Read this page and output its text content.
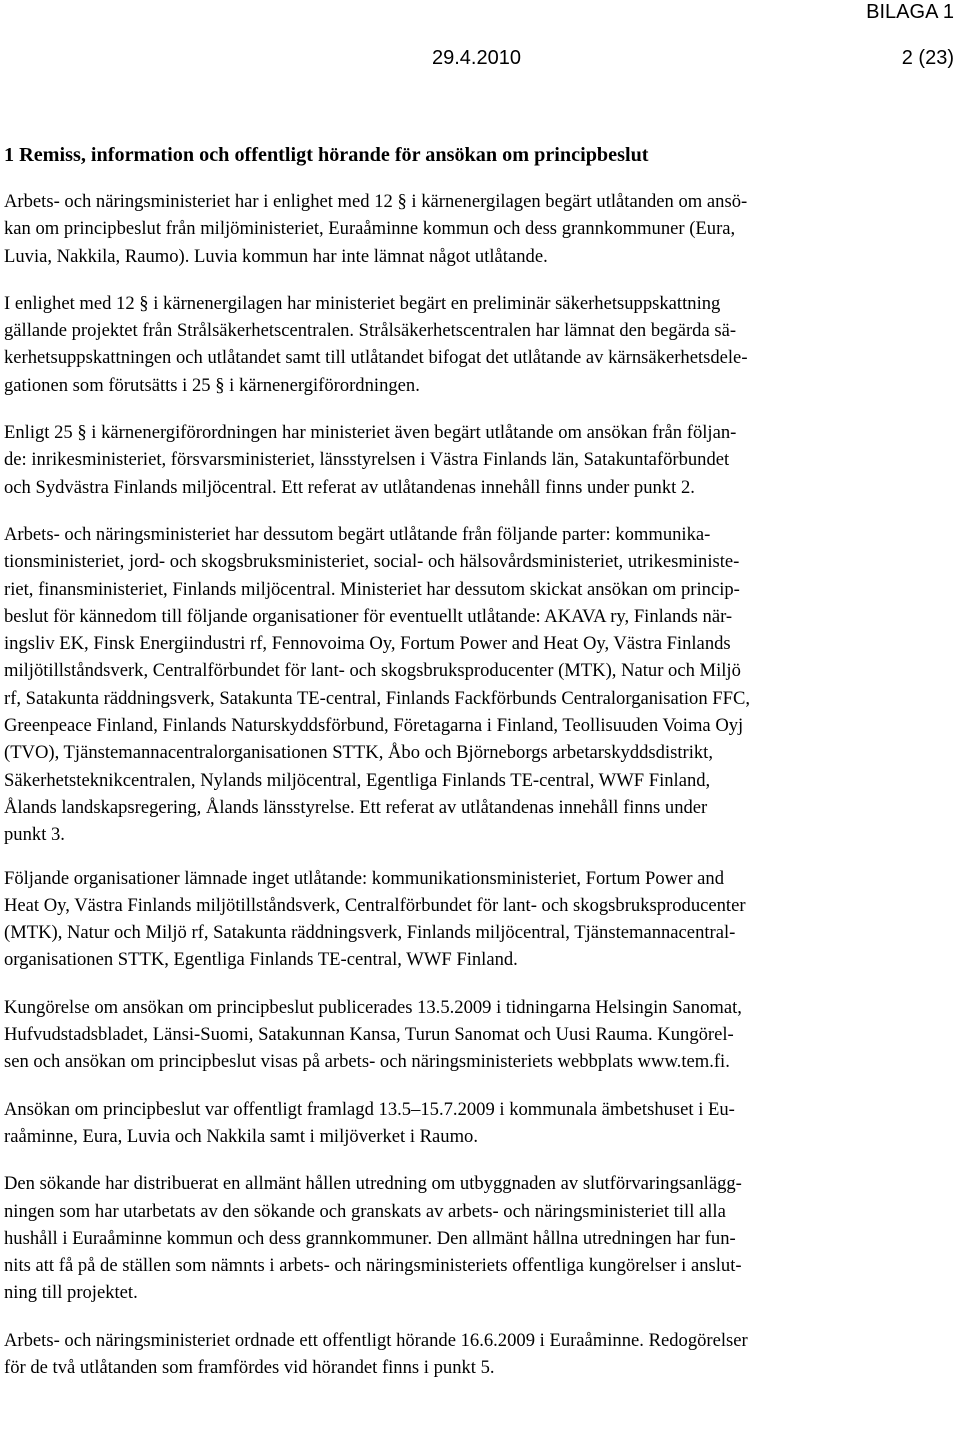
BILAGA 1
29.4.2010	2 (23)
1 Remiss, information och offentligt hörande för ansökan om principbeslut
Arbets- och näringsministeriet har i enlighet med 12 § i kärnenergilagen begärt utlåtanden om ansö-
kan om principbeslut från miljöministeriet, Euraåminne kommun och dess grannkommuner (Eura,
Luvia, Nakkila, Raumo). Luvia kommun har inte lämnat något utlåtande.
I enlighet med 12 § i kärnenergilagen har ministeriet begärt en preliminär säkerhetsuppskattning
gällande projektet från Strålsäkerhetscentralen. Strålsäkerhetscentralen har lämnat den begärda sä-
kerhetsuppskattningen och utlåtandet samt till utlåtandet bifogat det utlåtande av kärnsäkerhetsdele-
gationen som förutsätts i 25 § i kärnenergiförordningen.
Enligt 25 § i kärnenergiförordningen har ministeriet även begärt utlåtande om ansökan från följan-
de: inrikesministeriet, försvarsministeriet, länsstyrelsen i Västra Finlands län, Satakuntaförbundet
och Sydvästra Finlands miljöcentral. Ett referat av utlåtandenas innehåll finns under punkt 2.
Arbets- och näringsministeriet har dessutom begärt utlåtande från följande parter: kommunika-
tionsministeriet, jord- och skogsbruksministeriet, social- och hälsovårdsministeriet, utrikesministe-
riet, finansministeriet, Finlands miljöcentral. Ministeriet har dessutom skickat ansökan om princip-
beslut för kännedom till följande organisationer för eventuellt utlåtande: AKAVA ry, Finlands när-
ingsliv EK, Finsk Energiindustri rf, Fennovoima Oy, Fortum Power and Heat Oy, Västra Finlands
miljötillståndsverk, Centralförbundet för lant- och skogsbruksproducenter (MTK), Natur och Miljö
rf, Satakunta räddningsverk, Satakunta TE-central, Finlands Fackförbunds Centralorganisation FFC,
Greenpeace Finland, Finlands Naturskyddsförbund, Företagarna i Finland, Teollisuuden Voima Oyj
(TVO), Tjänstemannacentralorganisationen STTK, Åbo och Björneborgs arbetarskyddsdistrikt,
Säkerhetsteknikcentralen, Nylands miljöcentral, Egentliga Finlands TE-central, WWF Finland,
Ålands landskapsregering, Ålands länsstyrelse. Ett referat av utlåtandenas innehåll finns under
punkt 3.
Följande organisationer lämnade inget utlåtande: kommunikationsministeriet, Fortum Power and
Heat Oy, Västra Finlands miljötillståndsverk, Centralförbundet för lant- och skogsbruksproducenter
(MTK), Natur och Miljö rf, Satakunta räddningsverk, Finlands miljöcentral, Tjänstemannacentral-
organisationen STTK, Egentliga Finlands TE-central, WWF Finland.
Kungörelse om ansökan om principbeslut publicerades 13.5.2009 i tidningarna Helsingin Sanomat,
Hufvudstadsbladet, Länsi-Suomi, Satakunnan Kansa, Turun Sanomat och Uusi Rauma. Kungörel-
sen och ansökan om principbeslut visas på arbets- och näringsministeriets webbplats www.tem.fi.
Ansökan om principbeslut var offentligt framlagd 13.5–15.7.2009 i kommunala ämbetshuset i Eu-
raåminne, Eura, Luvia och Nakkila samt i miljöverket i Raumo.
Den sökande har distribuerat en allmänt hållen utredning om utbyggnaden av slutförvaringsanlägg-
ningen som har utarbetats av den sökande och granskats av arbets- och näringsministeriet till alla
hushåll i Euraåminne kommun och dess grannkommuner. Den allmänt hållna utredningen har fun-
nits att få på de ställen som nämnts i arbets- och näringsministeriets offentliga kungörelser i anslut-
ning till projektet.
Arbets- och näringsministeriet ordnade ett offentligt hörande 16.6.2009 i Euraåminne. Redogörelser
för de två utlåtanden som framfördes vid hörandet finns i punkt 5.
